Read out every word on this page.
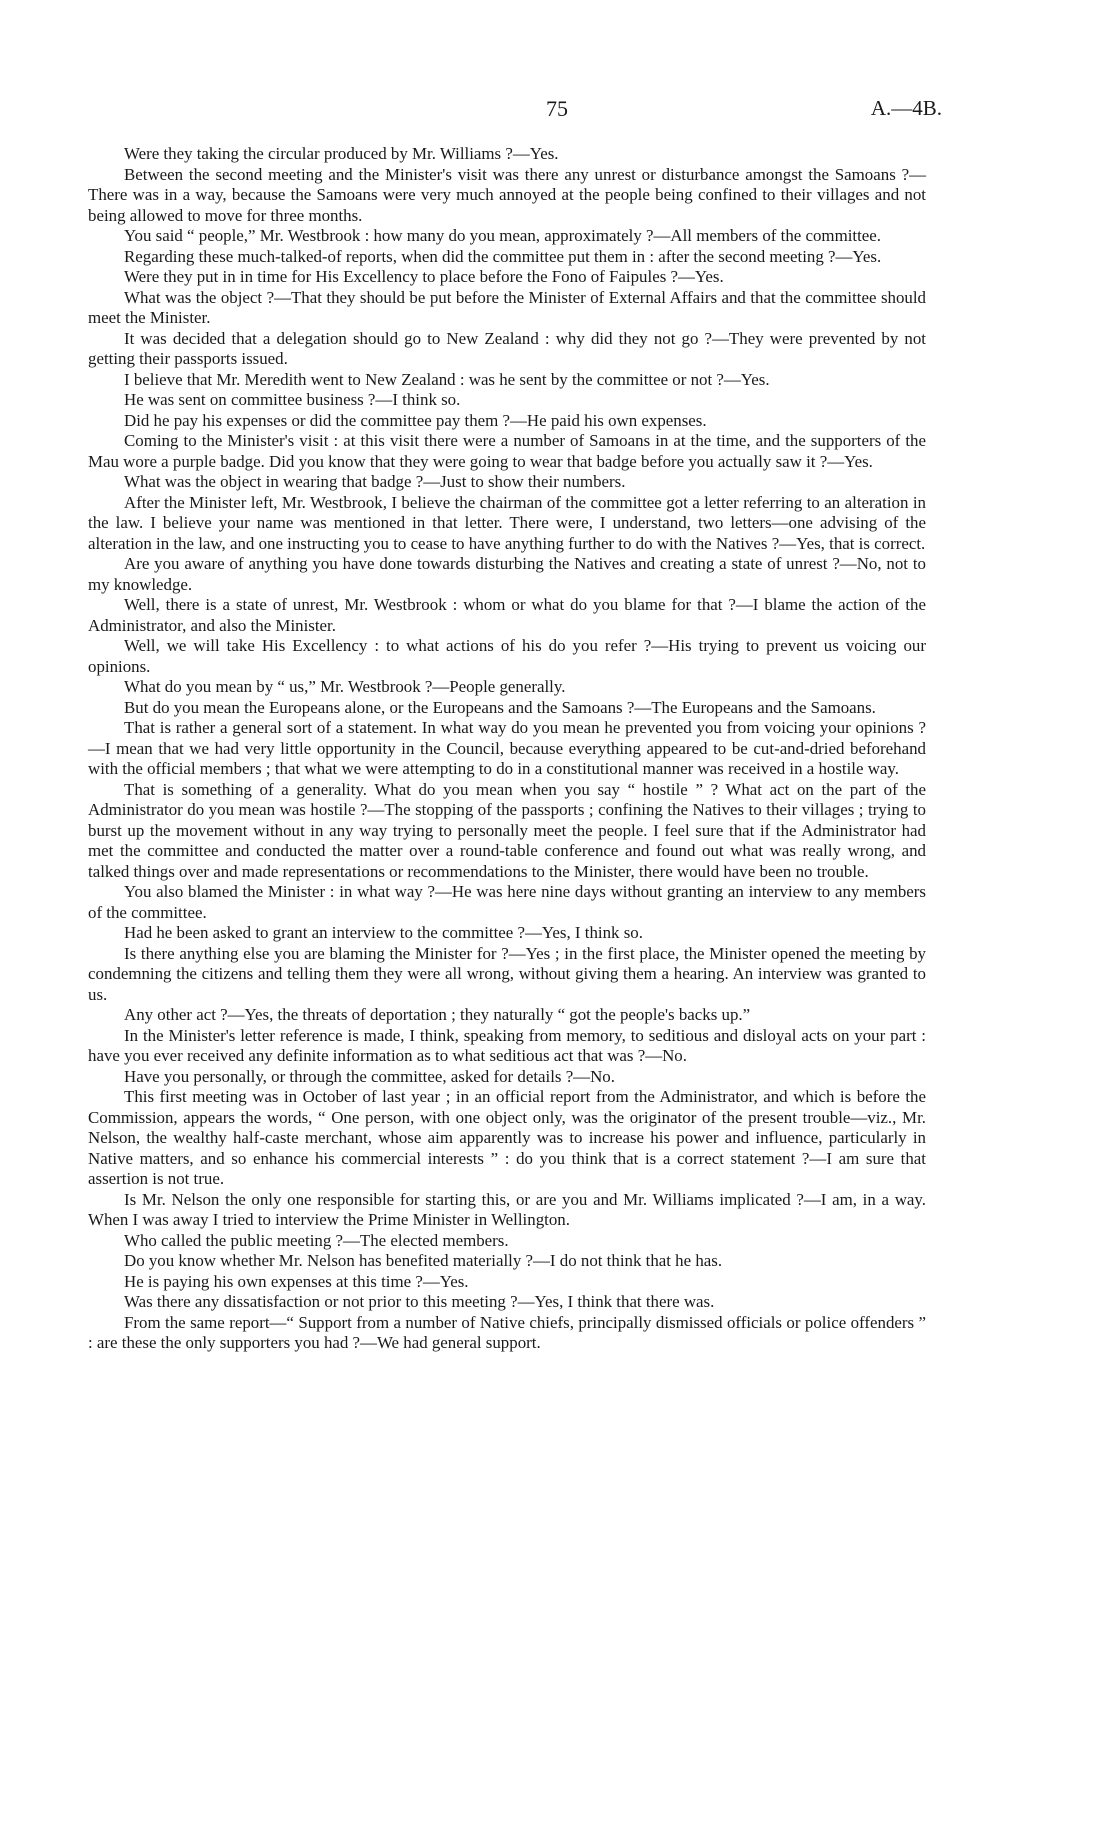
75	A.—4B.

Were they taking the circular produced by Mr. Williams ?—Yes.

Between the second meeting and the Minister's visit was there any unrest or disturbance amongst the Samoans ?—There was in a way, because the Samoans were very much annoyed at the people being confined to their villages and not being allowed to move for three months.

You said “ people,” Mr. Westbrook : how many do you mean, approximately ?—All members of the committee.

Regarding these much-talked-of reports, when did the committee put them in : after the second meeting ?—Yes.

Were they put in in time for His Excellency to place before the Fono of Faipules ?—Yes.

What was the object ?—That they should be put before the Minister of External Affairs and that the committee should meet the Minister.

It was decided that a delegation should go to New Zealand : why did they not go ?—They were prevented by not getting their passports issued.

I believe that Mr. Meredith went to New Zealand : was he sent by the committee or not ?—Yes.

He was sent on committee business ?—I think so.

Did he pay his expenses or did the committee pay them ?—He paid his own expenses.

Coming to the Minister's visit : at this visit there were a number of Samoans in at the time, and the supporters of the Mau wore a purple badge. Did you know that they were going to wear that badge before you actually saw it ?—Yes.

What was the object in wearing that badge ?—Just to show their numbers.

After the Minister left, Mr. Westbrook, I believe the chairman of the committee got a letter referring to an alteration in the law. I believe your name was mentioned in that letter. There were, I understand, two letters—one advising of the alteration in the law, and one instructing you to cease to have anything further to do with the Natives ?—Yes, that is correct.

Are you aware of anything you have done towards disturbing the Natives and creating a state of unrest ?—No, not to my knowledge.

Well, there is a state of unrest, Mr. Westbrook : whom or what do you blame for that ?—I blame the action of the Administrator, and also the Minister.

Well, we will take His Excellency : to what actions of his do you refer ?—His trying to prevent us voicing our opinions.

What do you mean by “ us,” Mr. Westbrook ?—People generally.

But do you mean the Europeans alone, or the Europeans and the Samoans ?—The Europeans and the Samoans.

That is rather a general sort of a statement. In what way do you mean he prevented you from voicing your opinions ?—I mean that we had very little opportunity in the Council, because everything appeared to be cut-and-dried beforehand with the official members ; that what we were attempting to do in a constitutional manner was received in a hostile way.

That is something of a generality. What do you mean when you say “ hostile ” ? What act on the part of the Administrator do you mean was hostile ?—The stopping of the passports ; confining the Natives to their villages ; trying to burst up the movement without in any way trying to personally meet the people. I feel sure that if the Administrator had met the committee and conducted the matter over a round-table conference and found out what was really wrong, and talked things over and made representations or recommendations to the Minister, there would have been no trouble.

You also blamed the Minister : in what way ?—He was here nine days without granting an interview to any members of the committee.

Had he been asked to grant an interview to the committee ?—Yes, I think so.

Is there anything else you are blaming the Minister for ?—Yes ; in the first place, the Minister opened the meeting by condemning the citizens and telling them they were all wrong, without giving them a hearing. An interview was granted to us.

Any other act ?—Yes, the threats of deportation ; they naturally “ got the people's backs up.”

In the Minister's letter reference is made, I think, speaking from memory, to seditious and disloyal acts on your part : have you ever received any definite information as to what seditious act that was ?—No.

Have you personally, or through the committee, asked for details ?—No.

This first meeting was in October of last year ; in an official report from the Administrator, and which is before the Commission, appears the words, “ One person, with one object only, was the originator of the present trouble—viz., Mr. Nelson, the wealthy half-caste merchant, whose aim apparently was to increase his power and influence, particularly in Native matters, and so enhance his commercial interests ” : do you think that is a correct statement ?—I am sure that assertion is not true.

Is Mr. Nelson the only one responsible for starting this, or are you and Mr. Williams implicated ?—I am, in a way. When I was away I tried to interview the Prime Minister in Wellington.

Who called the public meeting ?—The elected members.

Do you know whether Mr. Nelson has benefited materially ?—I do not think that he has.

He is paying his own expenses at this time ?—Yes.

Was there any dissatisfaction or not prior to this meeting ?—Yes, I think that there was.

From the same report—“ Support from a number of Native chiefs, principally dismissed officials or police offenders ” : are these the only supporters you had ?—We had general support.
